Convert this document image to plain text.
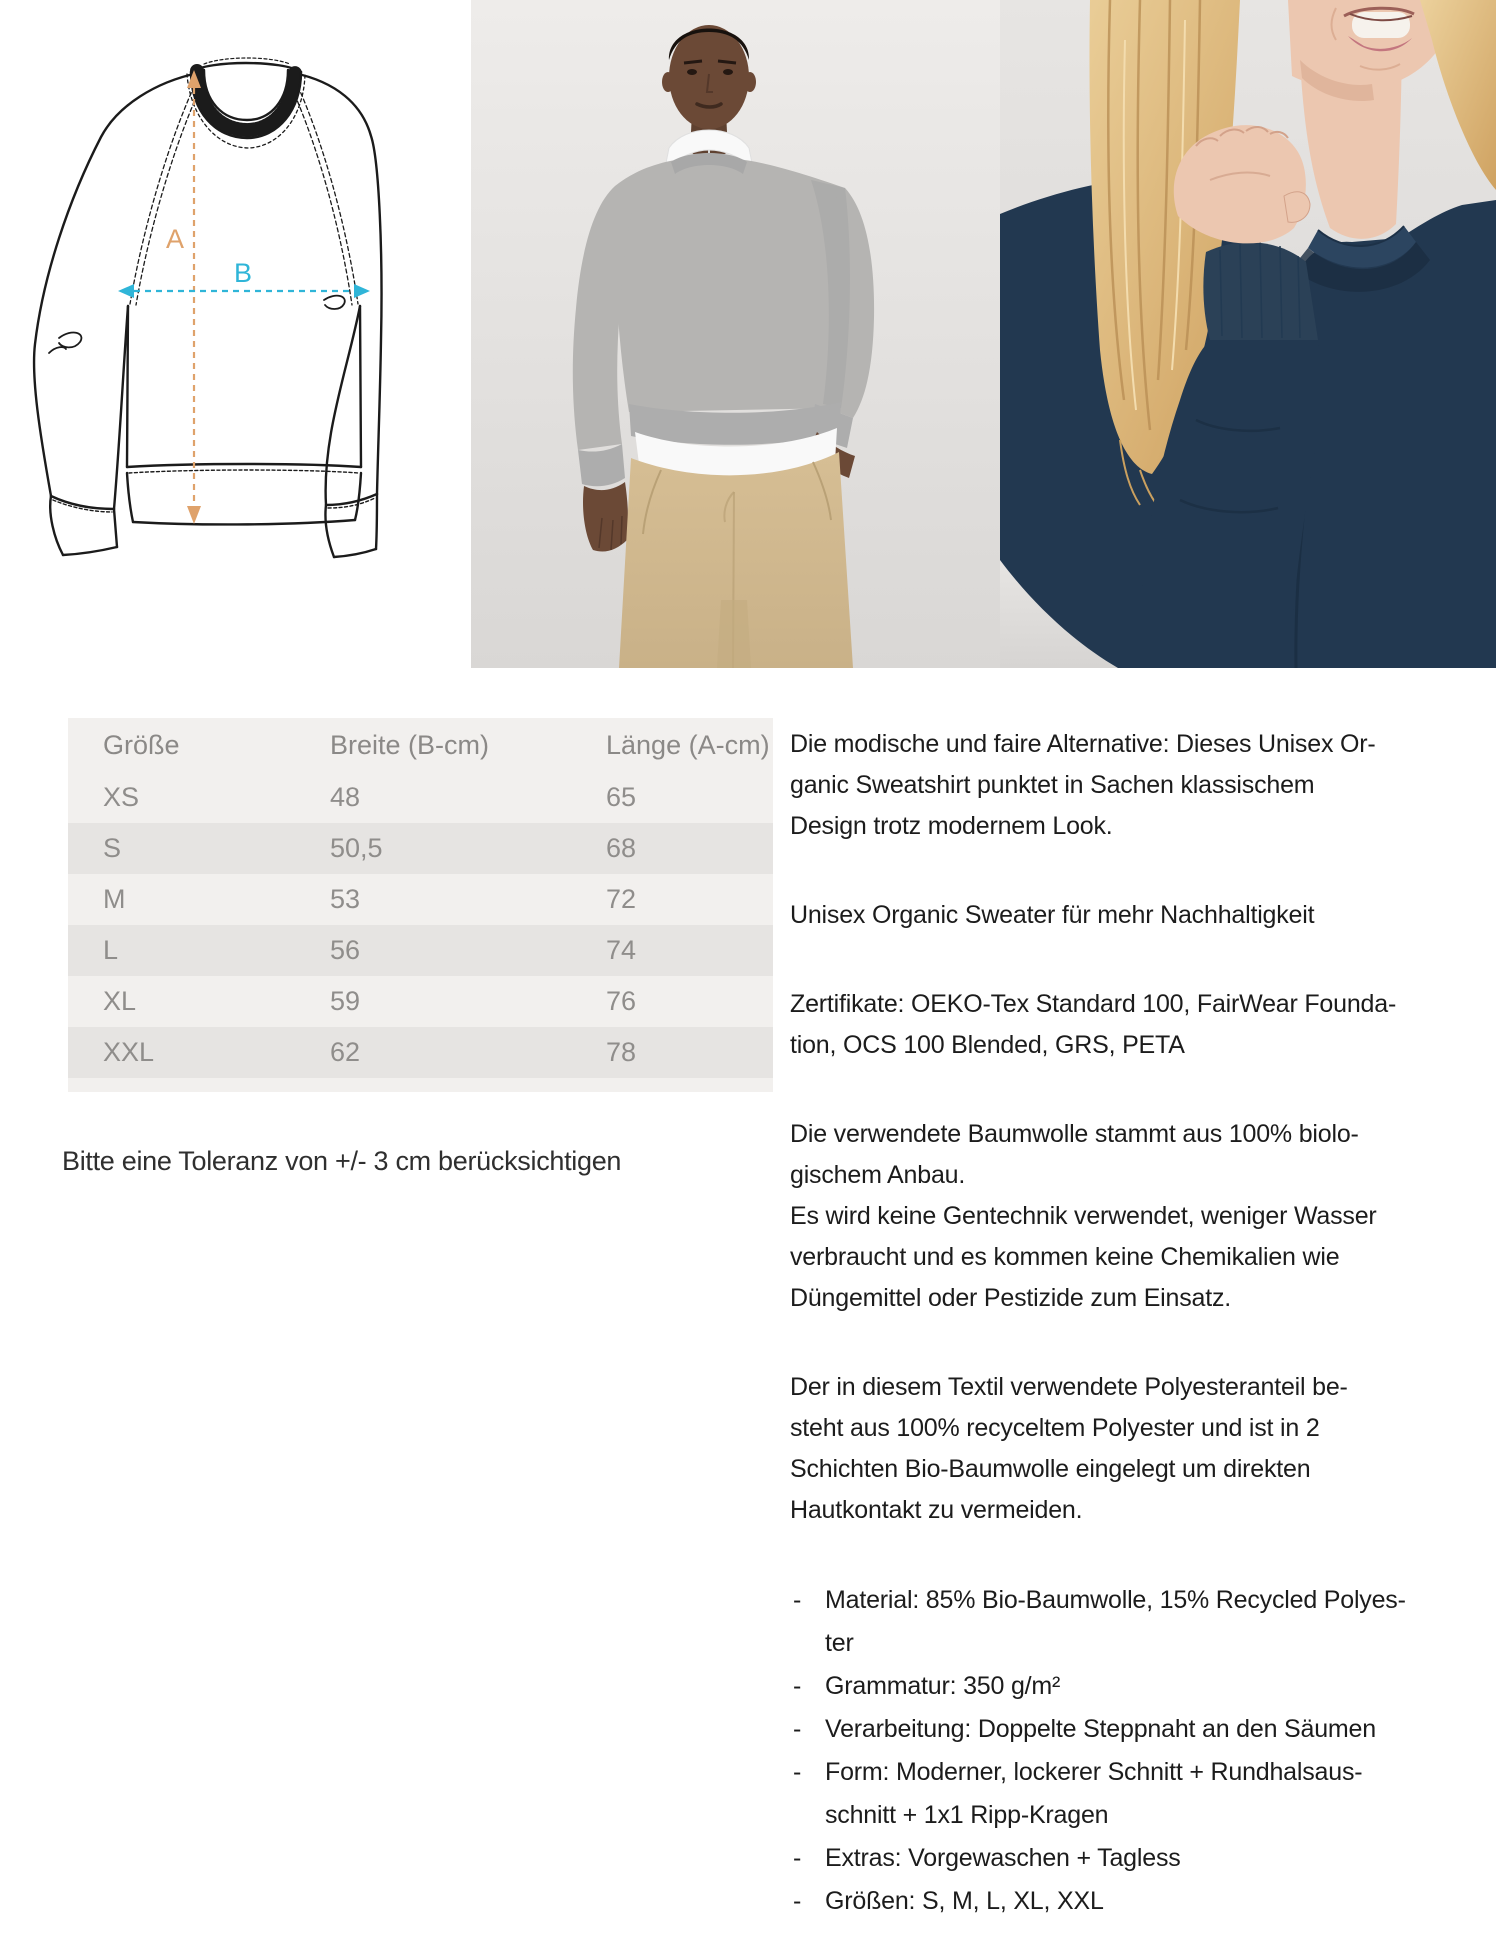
A
B
Größe	Breite (B-cm)	Länge (A-cm)
XS	48	65
S	50,5	68
M	53	72
L	56	74
XL	59	76
XXL	62	78
Bitte eine Toleranz von +/- 3 cm berücksichtigen

Die modische und faire Alternative: Dieses Unisex Or-
ganic Sweatshirt punktet in Sachen klassischem
Design trotz modernem Look.

Unisex Organic Sweater für mehr Nachhaltigkeit

Zertifikate: OEKO-Tex Standard 100, FairWear Founda-
tion, OCS 100 Blended, GRS, PETA

Die verwendete Baumwolle stammt aus 100% biolo-
gischem Anbau.
Es wird keine Gentechnik verwendet, weniger Wasser
verbraucht und es kommen keine Chemikalien wie
Düngemittel oder Pestizide zum Einsatz.

Der in diesem Textil verwendete Polyesteranteil be-
steht aus 100% recyceltem Polyester und ist in 2
Schichten Bio-Baumwolle eingelegt um direkten
Hautkontakt zu vermeiden.

- Material: 85% Bio-Baumwolle, 15% Recycled Polyes-
ter
- Grammatur: 350 g/m²
- Verarbeitung: Doppelte Steppnaht an den Säumen
- Form: Moderner, lockerer Schnitt + Rundhalsaus-
schnitt + 1x1 Ripp-Kragen
- Extras: Vorgewaschen + Tagless
- Größen: S, M, L, XL, XXL
